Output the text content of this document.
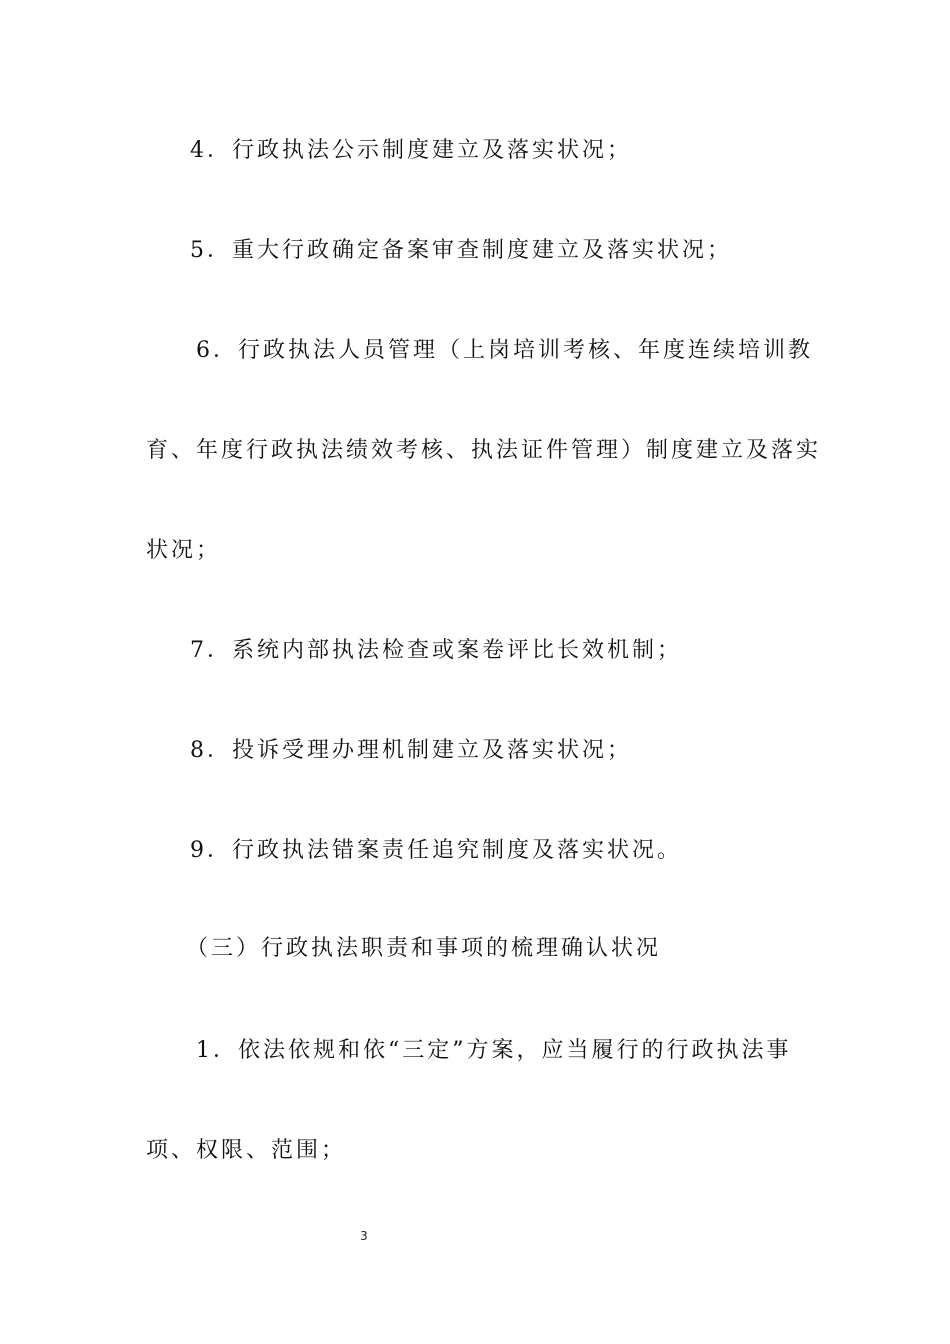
4．行政执法公示制度建立及落实状况；
5．重大行政确定备案审查制度建立及落实状况；
6．行政执法人员管理（上岗培训考核、年度连续培训教
育、年度行政执法绩效考核、执法证件管理）制度建立及落实
状况；
7．系统内部执法检查或案卷评比长效机制；
8．投诉受理办理机制建立及落实状况；
9．行政执法错案责任追究制度及落实状况。
（三）行政执法职责和事项的梳理确认状况
1．依法依规和依“三定”方案，应当履行的行政执法事
项、权限、范围；
3
